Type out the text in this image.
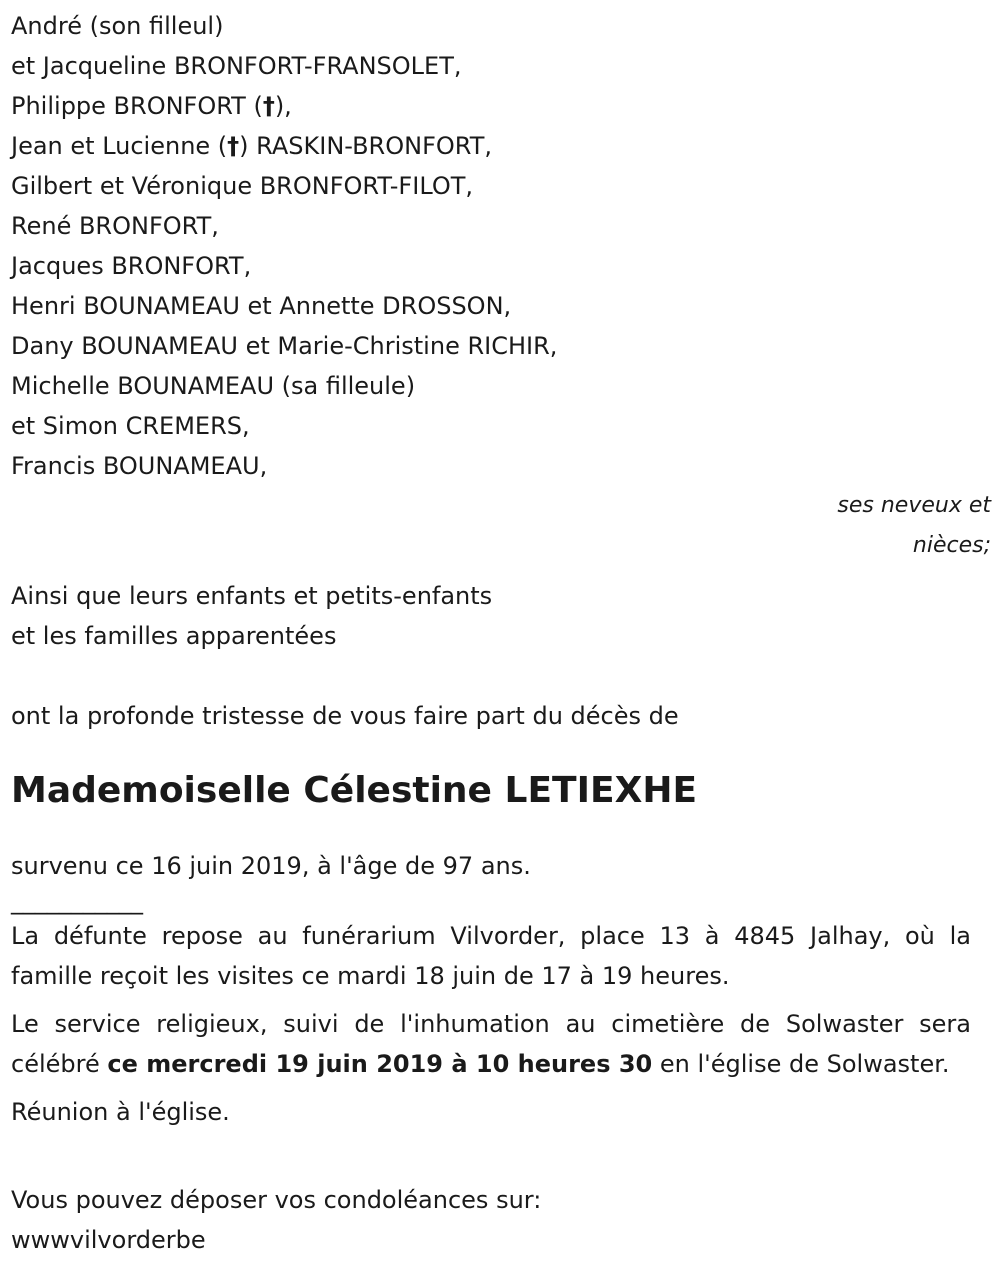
André (son filleul)
et Jacqueline BRONFORT-FRANSOLET,
Philippe BRONFORT (†),
Jean et Lucienne (†) RASKIN-BRONFORT,
Gilbert et Véronique BRONFORT-FILOT,
René BRONFORT,
Jacques BRONFORT,
Henri BOUNAMEAU et Annette DROSSON,
Dany BOUNAMEAU et Marie-Christine RICHIR,
Michelle BOUNAMEAU (sa filleule)
et Simon CREMERS,
Francis BOUNAMEAU,
ses neveux et
nièces;
Ainsi que leurs enfants et petits-enfants
et les familles apparentées
ont la profonde tristesse de vous faire part du décès de
Mademoiselle Célestine LETIEXHE
survenu ce 16 juin 2019, à l'âge de 97 ans.
___________
La défunte repose au funérarium Vilvorder, place 13 à 4845 Jalhay, où la famille reçoit les visites ce mardi 18 juin de 17 à 19 heures.
Le service religieux, suivi de l'inhumation au cimetière de Solwaster sera célébré ce mercredi 19 juin 2019 à 10 heures 30 en l'église de Solwaster.
Réunion à l'église.
Vous pouvez déposer vos condoléances sur:
wwwvilvorderbe
